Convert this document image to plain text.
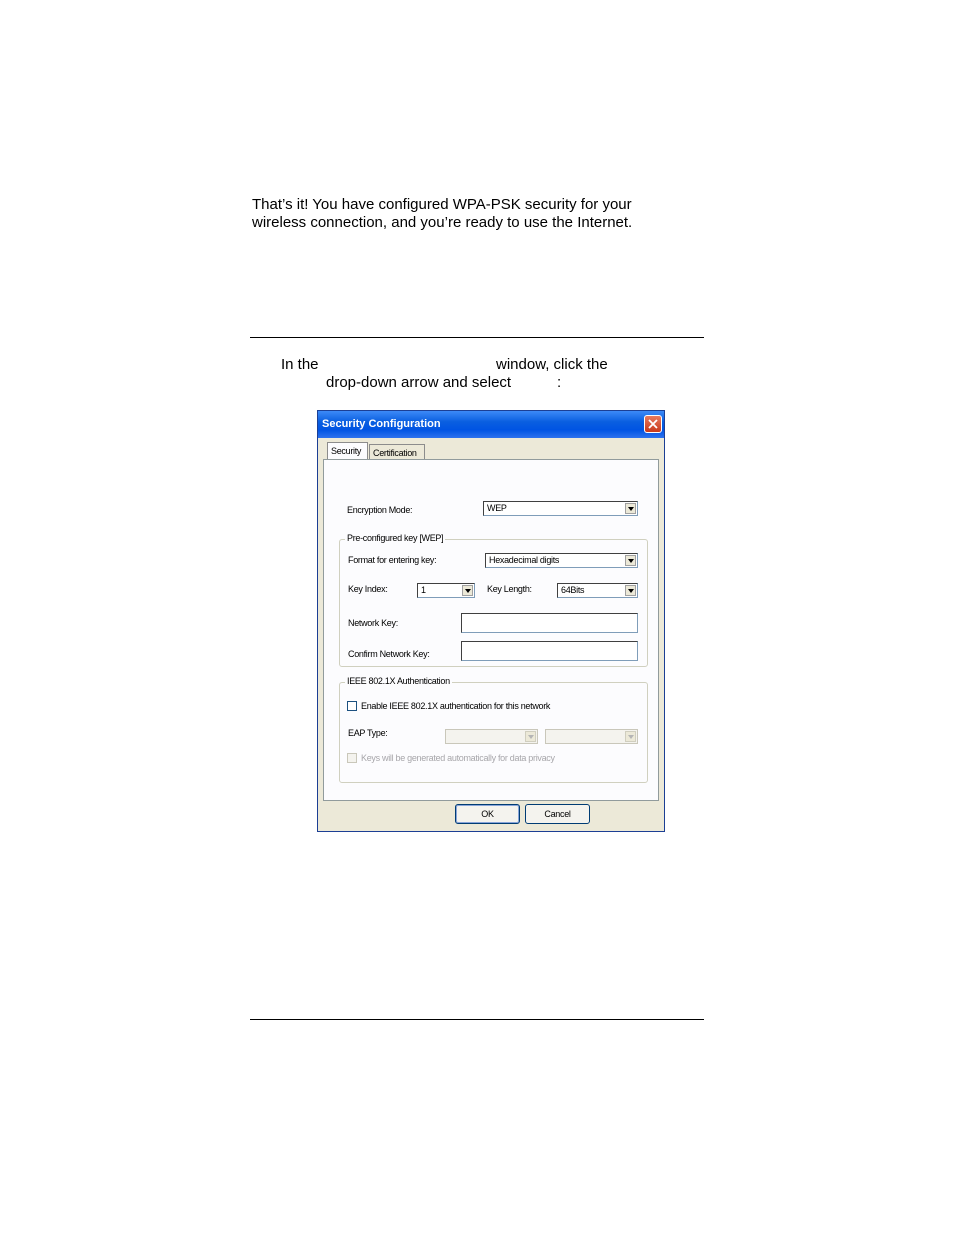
That’s it! You have configured WPA-PSK security for your
wireless connection, and you’re ready to use the Internet.
In the	window, click the
drop-down arrow and select	:
Security Configuration
Security Certification
Encryption Mode:	WEP
Pre-configured key [WEP]
Format for entering key:	Hexadecimal digits
Key Index:	1	Key Length:	64Bits
Network Key:
Confirm Network Key:
IEEE 802.1X Authentication
Enable IEEE 802.1X authentication for this network
EAP Type:
Keys will be generated automatically for data privacy
OK	Cancel
